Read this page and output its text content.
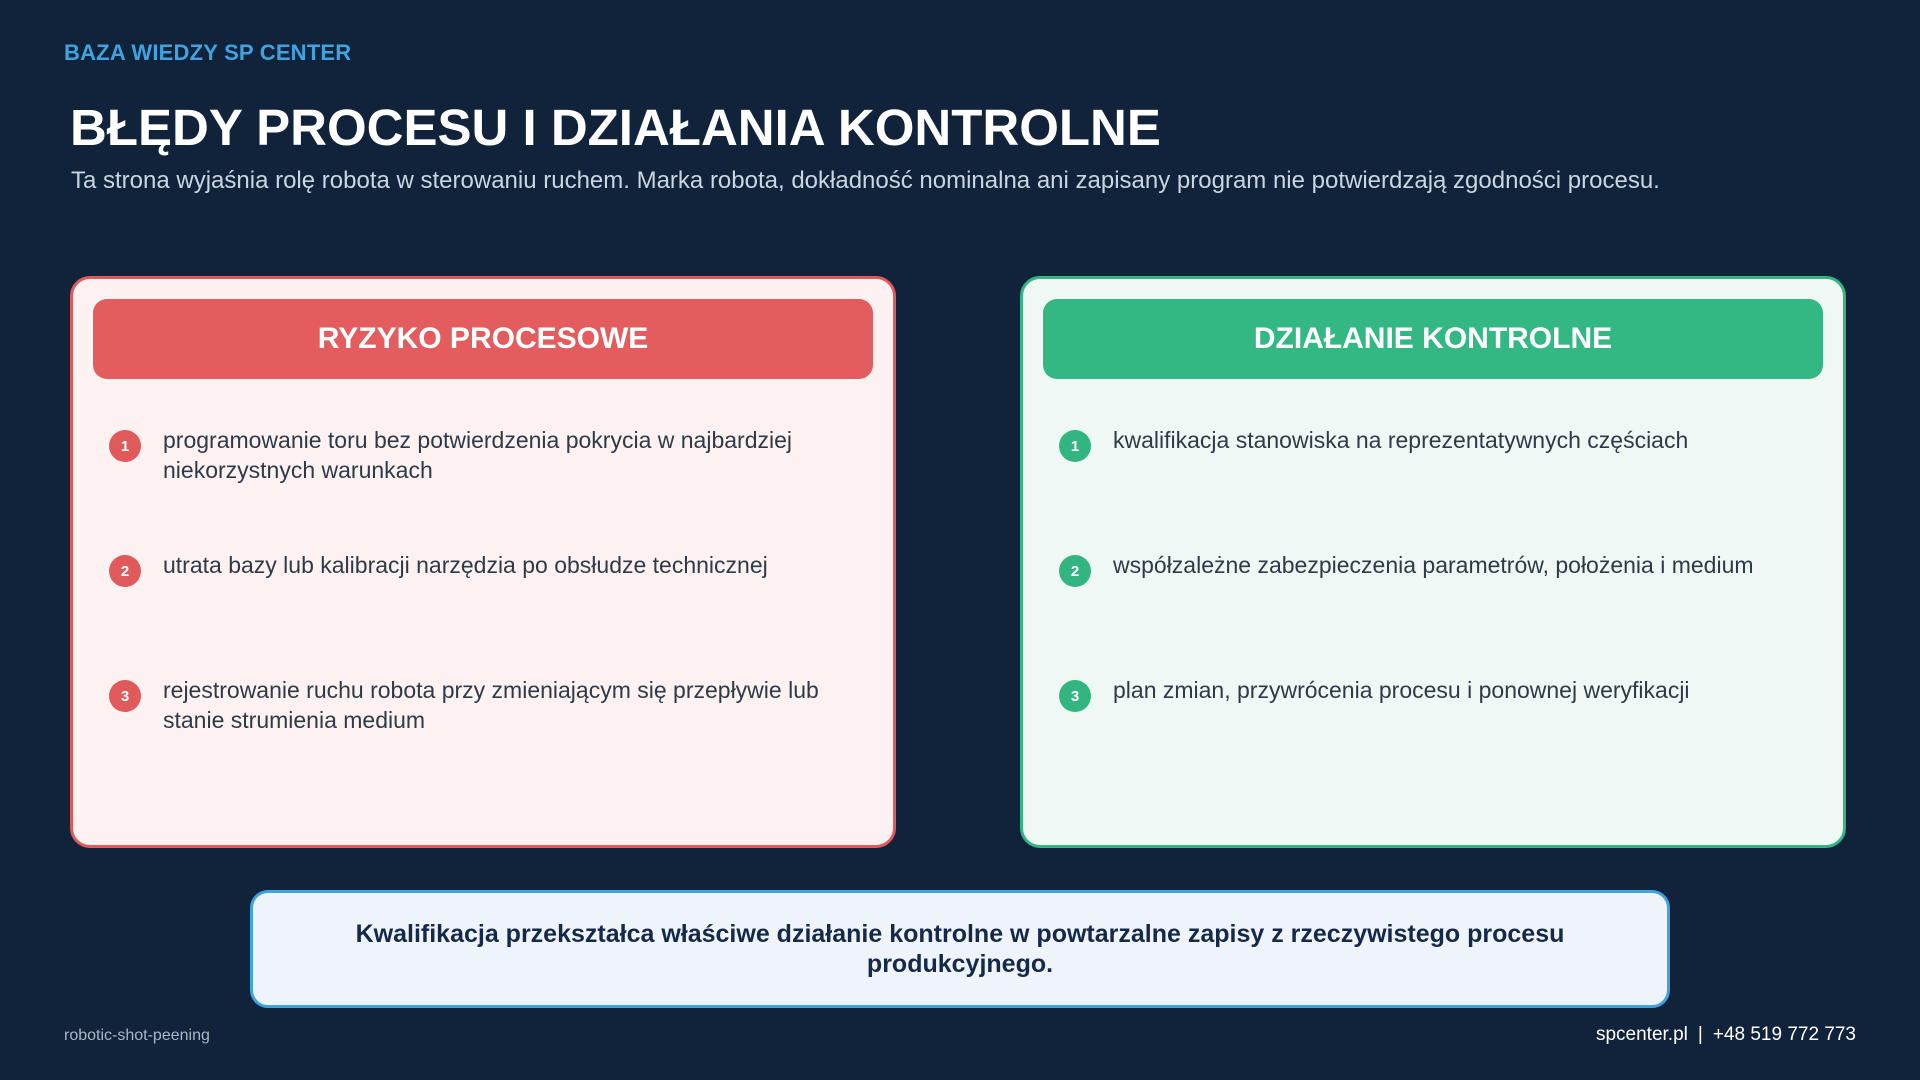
BAZA WIEDZY SP CENTER
BŁĘDY PROCESU I DZIAŁANIA KONTROLNE

Ta strona wyjaśnia rolę robota w sterowaniu ruchem. Marka robota, dokładność nominalna ani zapisany program nie potwierdzają zgodności procesu.

RYZYKO PROCESOWE
1	programowanie toru bez potwierdzenia pokrycia w najbardziej niekorzystnych warunkach
2	utrata bazy lub kalibracji narzędzia po obsłudze technicznej
3	rejestrowanie ruchu robota przy zmieniającym się przepływie lub stanie strumienia medium
DZIAŁANIE KONTROLNE
1	kwalifikacja stanowiska na reprezentatywnych częściach
2	współzależne zabezpieczenia parametrów, położenia i medium
3	plan zmian, przywrócenia procesu i ponownej weryfikacji
Kwalifikacja przekształca właściwe działanie kontrolne w powtarzalne zapisy z rzeczywistego procesu produkcyjnego.
robotic-shot-peening	spcenter.pl | +48 519 772 773
